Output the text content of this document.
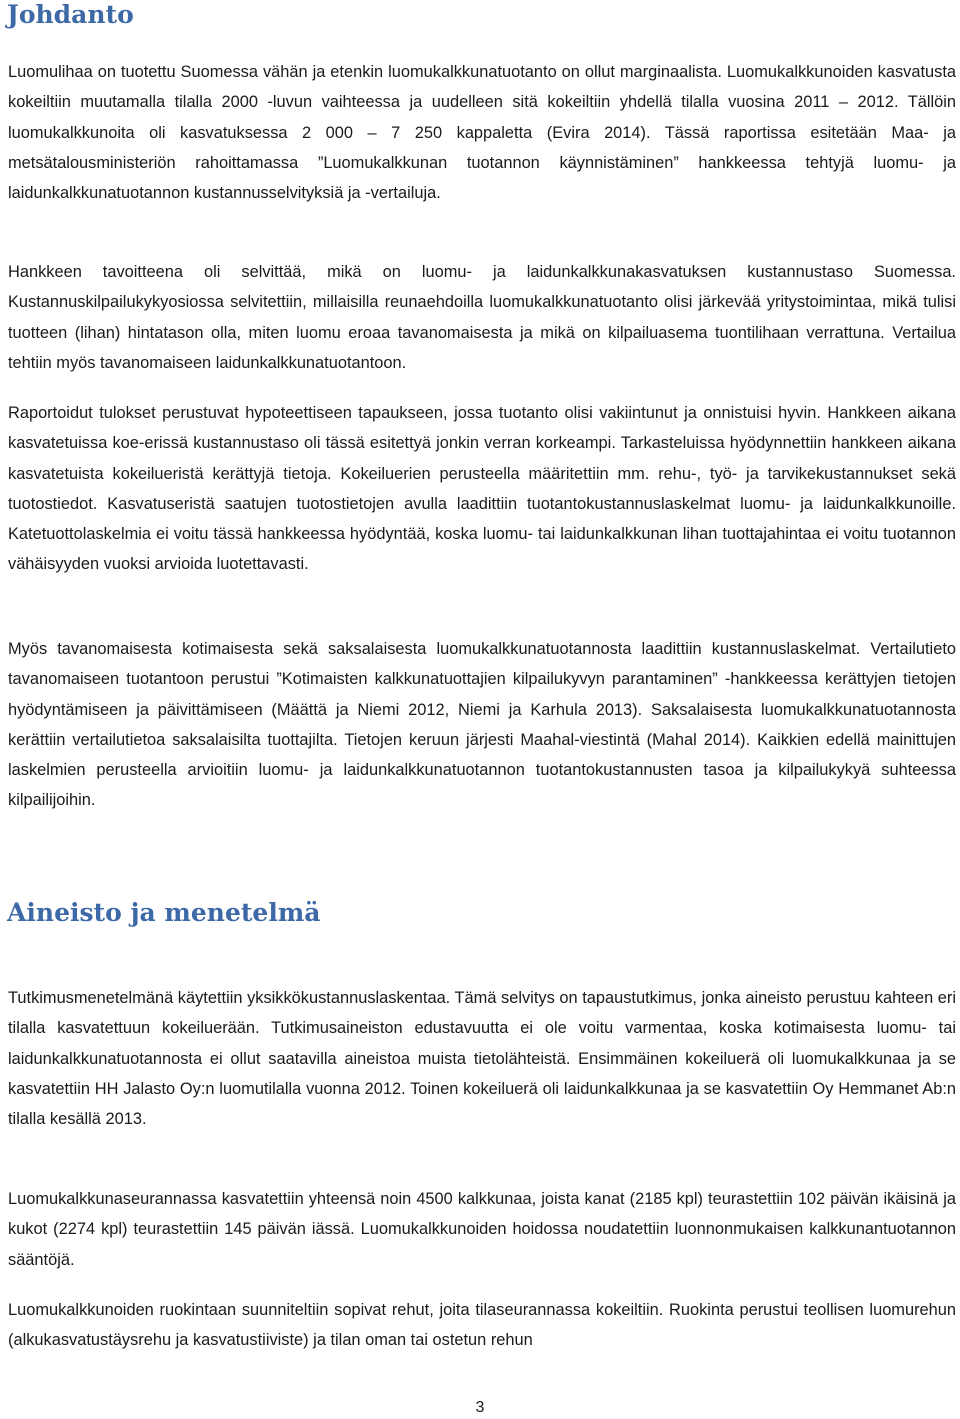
Johdanto

Luomulihaa on tuotettu Suomessa vähän ja etenkin luomukalkkunatuotanto on ollut marginaalista. Luomukalkkunoiden kasvatusta kokeiltiin muutamalla tilalla 2000 -luvun vaihteessa ja uudelleen sitä kokeiltiin yhdellä tilalla vuosina 2011 – 2012. Tällöin luomukalkkunoita oli kasvatuksessa 2 000 – 7 250 kappaletta (Evira 2014). Tässä raportissa esitetään Maa- ja metsätalousministeriön rahoittamassa ”Luomukalkkunan tuotannon käynnistäminen” hankkeessa tehtyjä luomu- ja laidunkalkkunatuotannon kustannusselvityksiä ja -vertailuja.

Hankkeen tavoitteena oli selvittää, mikä on luomu- ja laidunkalkkunakasvatuksen kustannustaso Suomessa. Kustannuskilpailukykyosiossa selvitettiin, millaisilla reunaehdoilla luomukalkkunatuotanto olisi järkevää yritystoimintaa, mikä tulisi tuotteen (lihan) hintatason olla, miten luomu eroaa tavanomaisesta ja mikä on kilpailuasema tuontilihaan verrattuna. Vertailua tehtiin myös tavanomaiseen laidunkalkkunatuotantoon.

Raportoidut tulokset perustuvat hypoteettiseen tapaukseen, jossa tuotanto olisi vakiintunut ja onnistuisi hyvin. Hankkeen aikana kasvatetuissa koe-erissä kustannustaso oli tässä esitettyä jonkin verran korkeampi. Tarkasteluissa hyödynnettiin hankkeen aikana kasvatetuista kokeilueristä kerättyjä tietoja. Kokeiluerien perusteella määritettiin mm. rehu-, työ- ja tarvikekustannukset sekä tuotostiedot. Kasvatuseristä saatujen tuotostietojen avulla laadittiin tuotantokustannuslaskelmat luomu- ja laidunkalkkunoille. Katetuottolaskelmia ei voitu tässä hankkeessa hyödyntää, koska luomu- tai laidunkalkkunan lihan tuottajahintaa ei voitu tuotannon vähäisyyden vuoksi arvioida luotettavasti.

Myös tavanomaisesta kotimaisesta sekä saksalaisesta luomukalkkunatuotannosta laadittiin kustannuslaskelmat. Vertailutieto tavanomaiseen tuotantoon perustui ”Kotimaisten kalkkunatuottajien kilpailukyvyn parantaminen” -hankkeessa kerättyjen tietojen hyödyntämiseen ja päivittämiseen (Määttä ja Niemi 2012, Niemi ja Karhula 2013). Saksalaisesta luomukalkkunatuotannosta kerättiin vertailutietoa saksalaisilta tuottajilta. Tietojen keruun järjesti Maahal-viestintä (Mahal 2014). Kaikkien edellä mainittujen laskelmien perusteella arvioitiin luomu- ja laidunkalkkunatuotannon tuotantokustannusten tasoa ja kilpailukykyä suhteessa kilpailijoihin.

Aineisto ja menetelmä

Tutkimusmenetelmänä käytettiin yksikkökustannuslaskentaa. Tämä selvitys on tapaustutkimus, jonka aineisto perustuu kahteen eri tilalla kasvatettuun kokeiluerään. Tutkimusaineiston edustavuutta ei ole voitu varmentaa, koska kotimaisesta luomu- tai laidunkalkkunatuotannosta ei ollut saatavilla aineistoa muista tietolähteistä. Ensimmäinen kokeiluerä oli luomukalkkunaa ja se kasvatettiin HH Jalasto Oy:n luomutilalla vuonna 2012. Toinen kokeiluerä oli laidunkalkkunaa ja se kasvatettiin Oy Hemmanet Ab:n tilalla kesällä 2013.

Luomukalkkunaseurannassa kasvatettiin yhteensä noin 4500 kalkkunaa, joista kanat (2185 kpl) teurastettiin 102 päivän ikäisinä ja kukot (2274 kpl) teurastettiin 145 päivän iässä. Luomukalkkunoiden hoidossa noudatettiin luonnonmukaisen kalkkunantuotannon sääntöjä.

Luomukalkkunoiden ruokintaan suunniteltiin sopivat rehut, joita tilaseurannassa kokeiltiin. Ruokinta perustui teollisen luomurehun (alkukasvatustäysrehu ja kasvatustiiviste) ja tilan oman tai ostetun rehun

3
